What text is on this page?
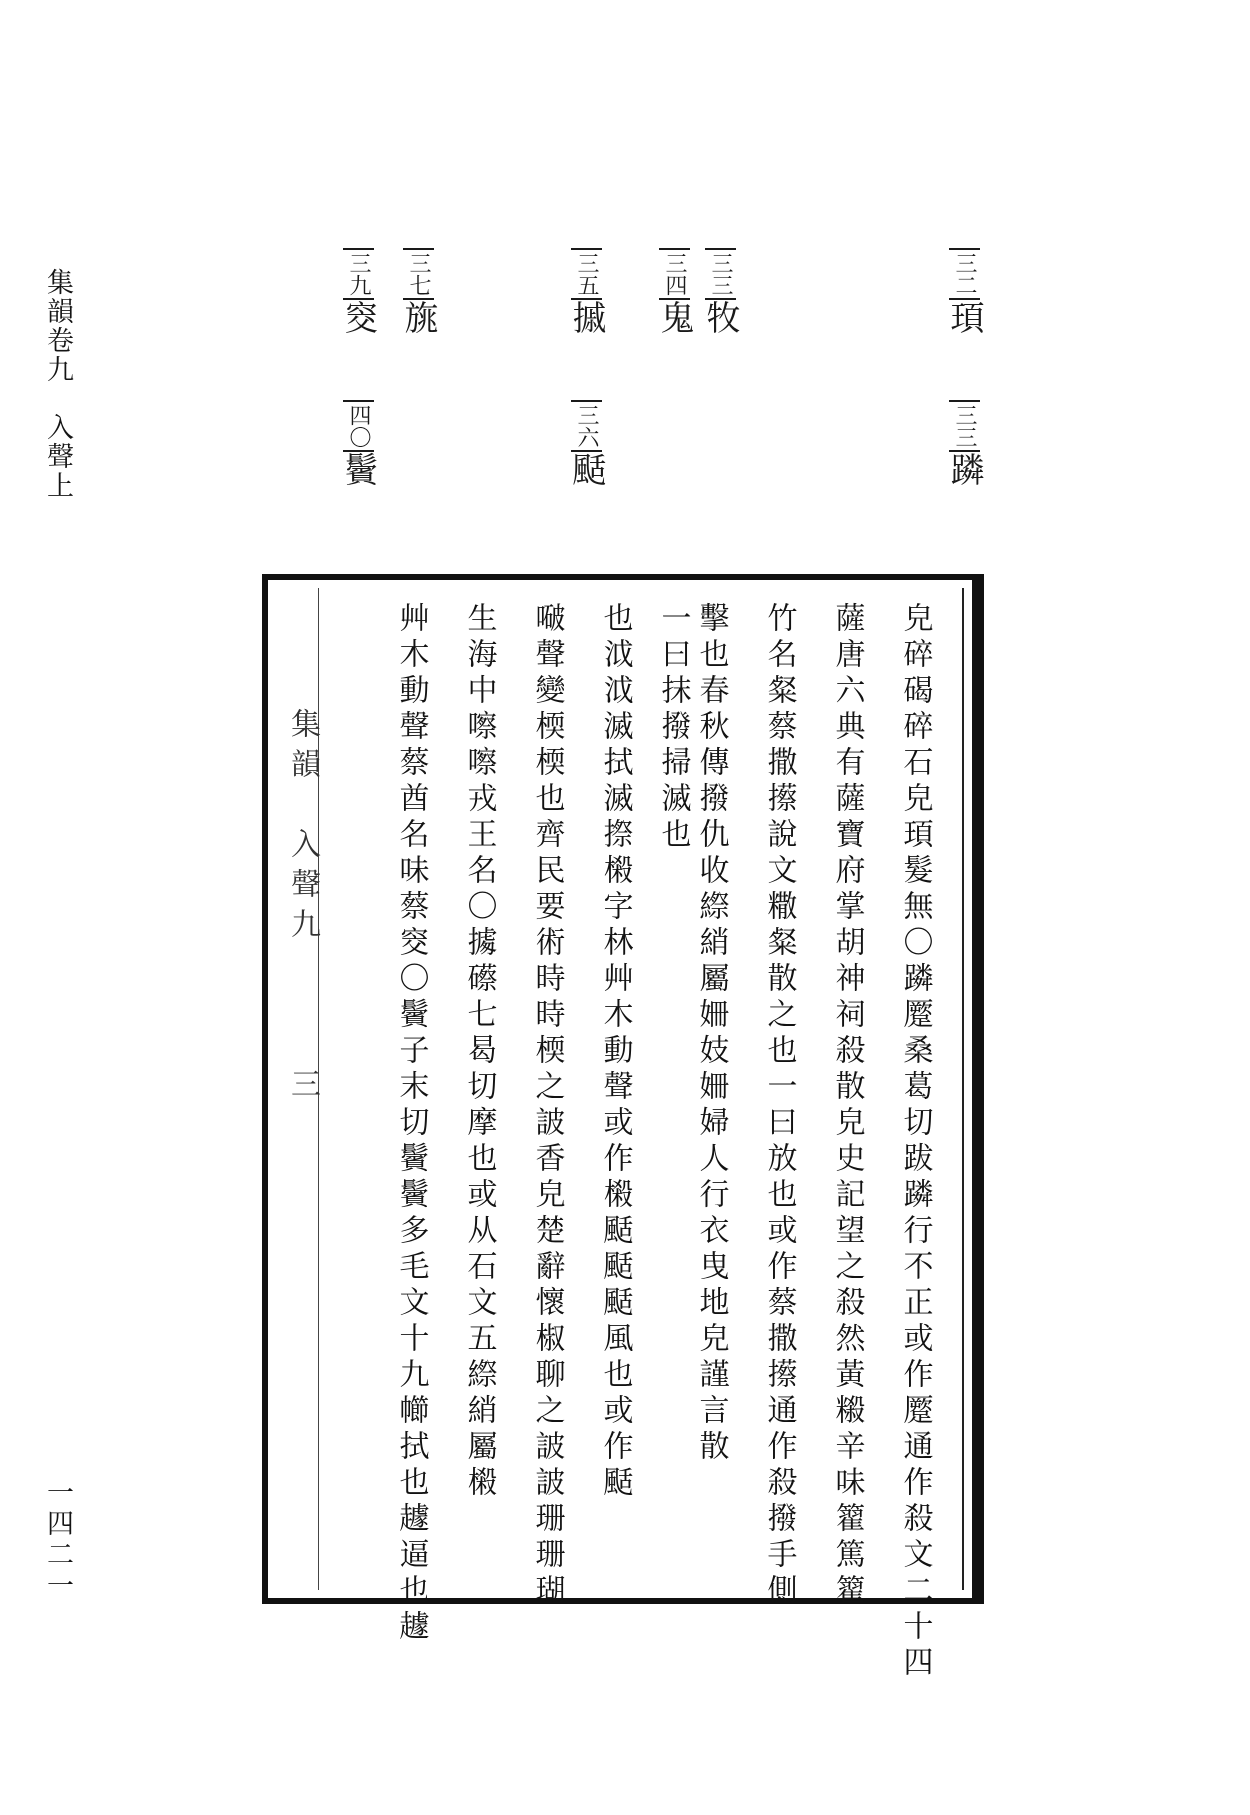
集韻卷九　入聲上
一四二一
三二頊三三蹸
三三牧
三四鬼
三五摵三六颳
三七旐
三九窔四〇鬢
集韻　入聲九　　　三	皃碎碣碎石皃頊髮無〇蹸蹷桑葛切跋蹸行不正或作蹷通作殺文二十四
薩唐六典有薩寶府掌胡神祠殺散皃史記望之殺然黃䊛辛味籊篤籊
竹名粲蔡撒攃說文糤粲散之也一曰放也或作蔡撒攃通作殺撥手側
擊也春秋傳撥仇收縩綃屬姍妓姍婦人行衣曳地皃謹言散
一曰抹撥掃滅也
也泧泧滅拭滅摖樧字林艸木動聲或作樧颳颳颳風也或作颳
㗞聲變㮕㮕也齊民要術時時㮕之詖香皃楚辭懷椒聊之詖詖珊珊瑚
生海中嚓嚓戎王名〇㩀礤七曷切摩也或从石文五縩綃屬樧
艸木動聲蔡酋名味蔡窔〇鬢子末切鬢鬢多毛文十九幯拭也䟊逼也䟊
